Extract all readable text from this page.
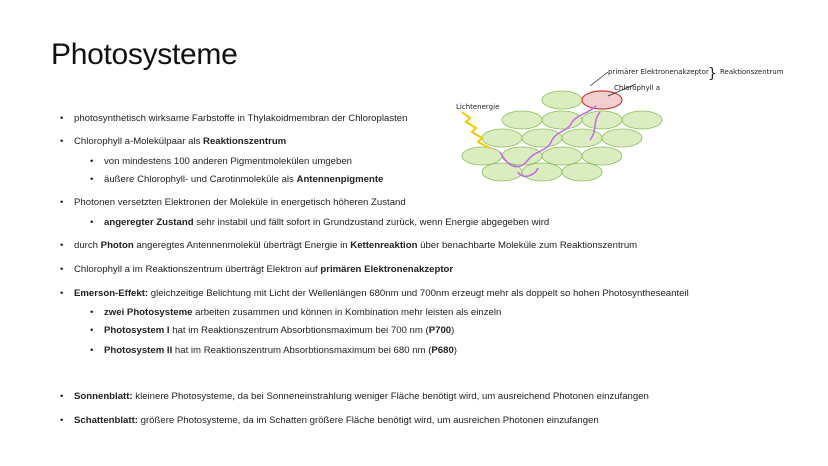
Photosysteme
primärer Elektronenakzeptor
Chlorophyll a
} Reaktionszentrum
Lichtenergie
• photosynthetisch wirksame Farbstoffe in Thylakoidmembran der Chloroplasten
• Chlorophyll a-Molekülpaar als Reaktionszentrum
• von mindestens 100 anderen Pigmentmolekülen umgeben
• äußere Chlorophyll- und Carotinmoleküle als Antennenpigmente
• Photonen versetzten Elektronen der Moleküle in energetisch höheren Zustand
• angeregter Zustand sehr instabil und fällt sofort in Grundzustand zurück, wenn Energie abgegeben wird
• durch Photon angeregtes Antennenmolekül überträgt Energie in Kettenreaktion über benachbarte Moleküle zum Reaktionszentrum
• Chlorophyll a im Reaktionszentrum überträgt Elektron auf primären Elektronenakzeptor
• Emerson-Effekt: gleichzeitige Belichtung mit Licht der Wellenlängen 680nm und 700nm erzeugt mehr als doppelt so hohen Photosyntheseanteil
• zwei Photosysteme arbeiten zusammen und können in Kombination mehr leisten als einzeln
• Photosystem I hat im Reaktionszentrum Absorbtionsmaximum bei 700 nm (P700)
• Photosystem II hat im Reaktionszentrum Absorbtionsmaximum bei 680 nm (P680)
• Sonnenblatt: kleinere Photosysteme, da bei Sonneneinstrahlung weniger Fläche benötigt wird, um ausreichend Photonen einzufangen
• Schattenblatt: größere Photosysteme, da im Schatten größere Fläche benötigt wird, um ausreichen Photonen einzufangen
